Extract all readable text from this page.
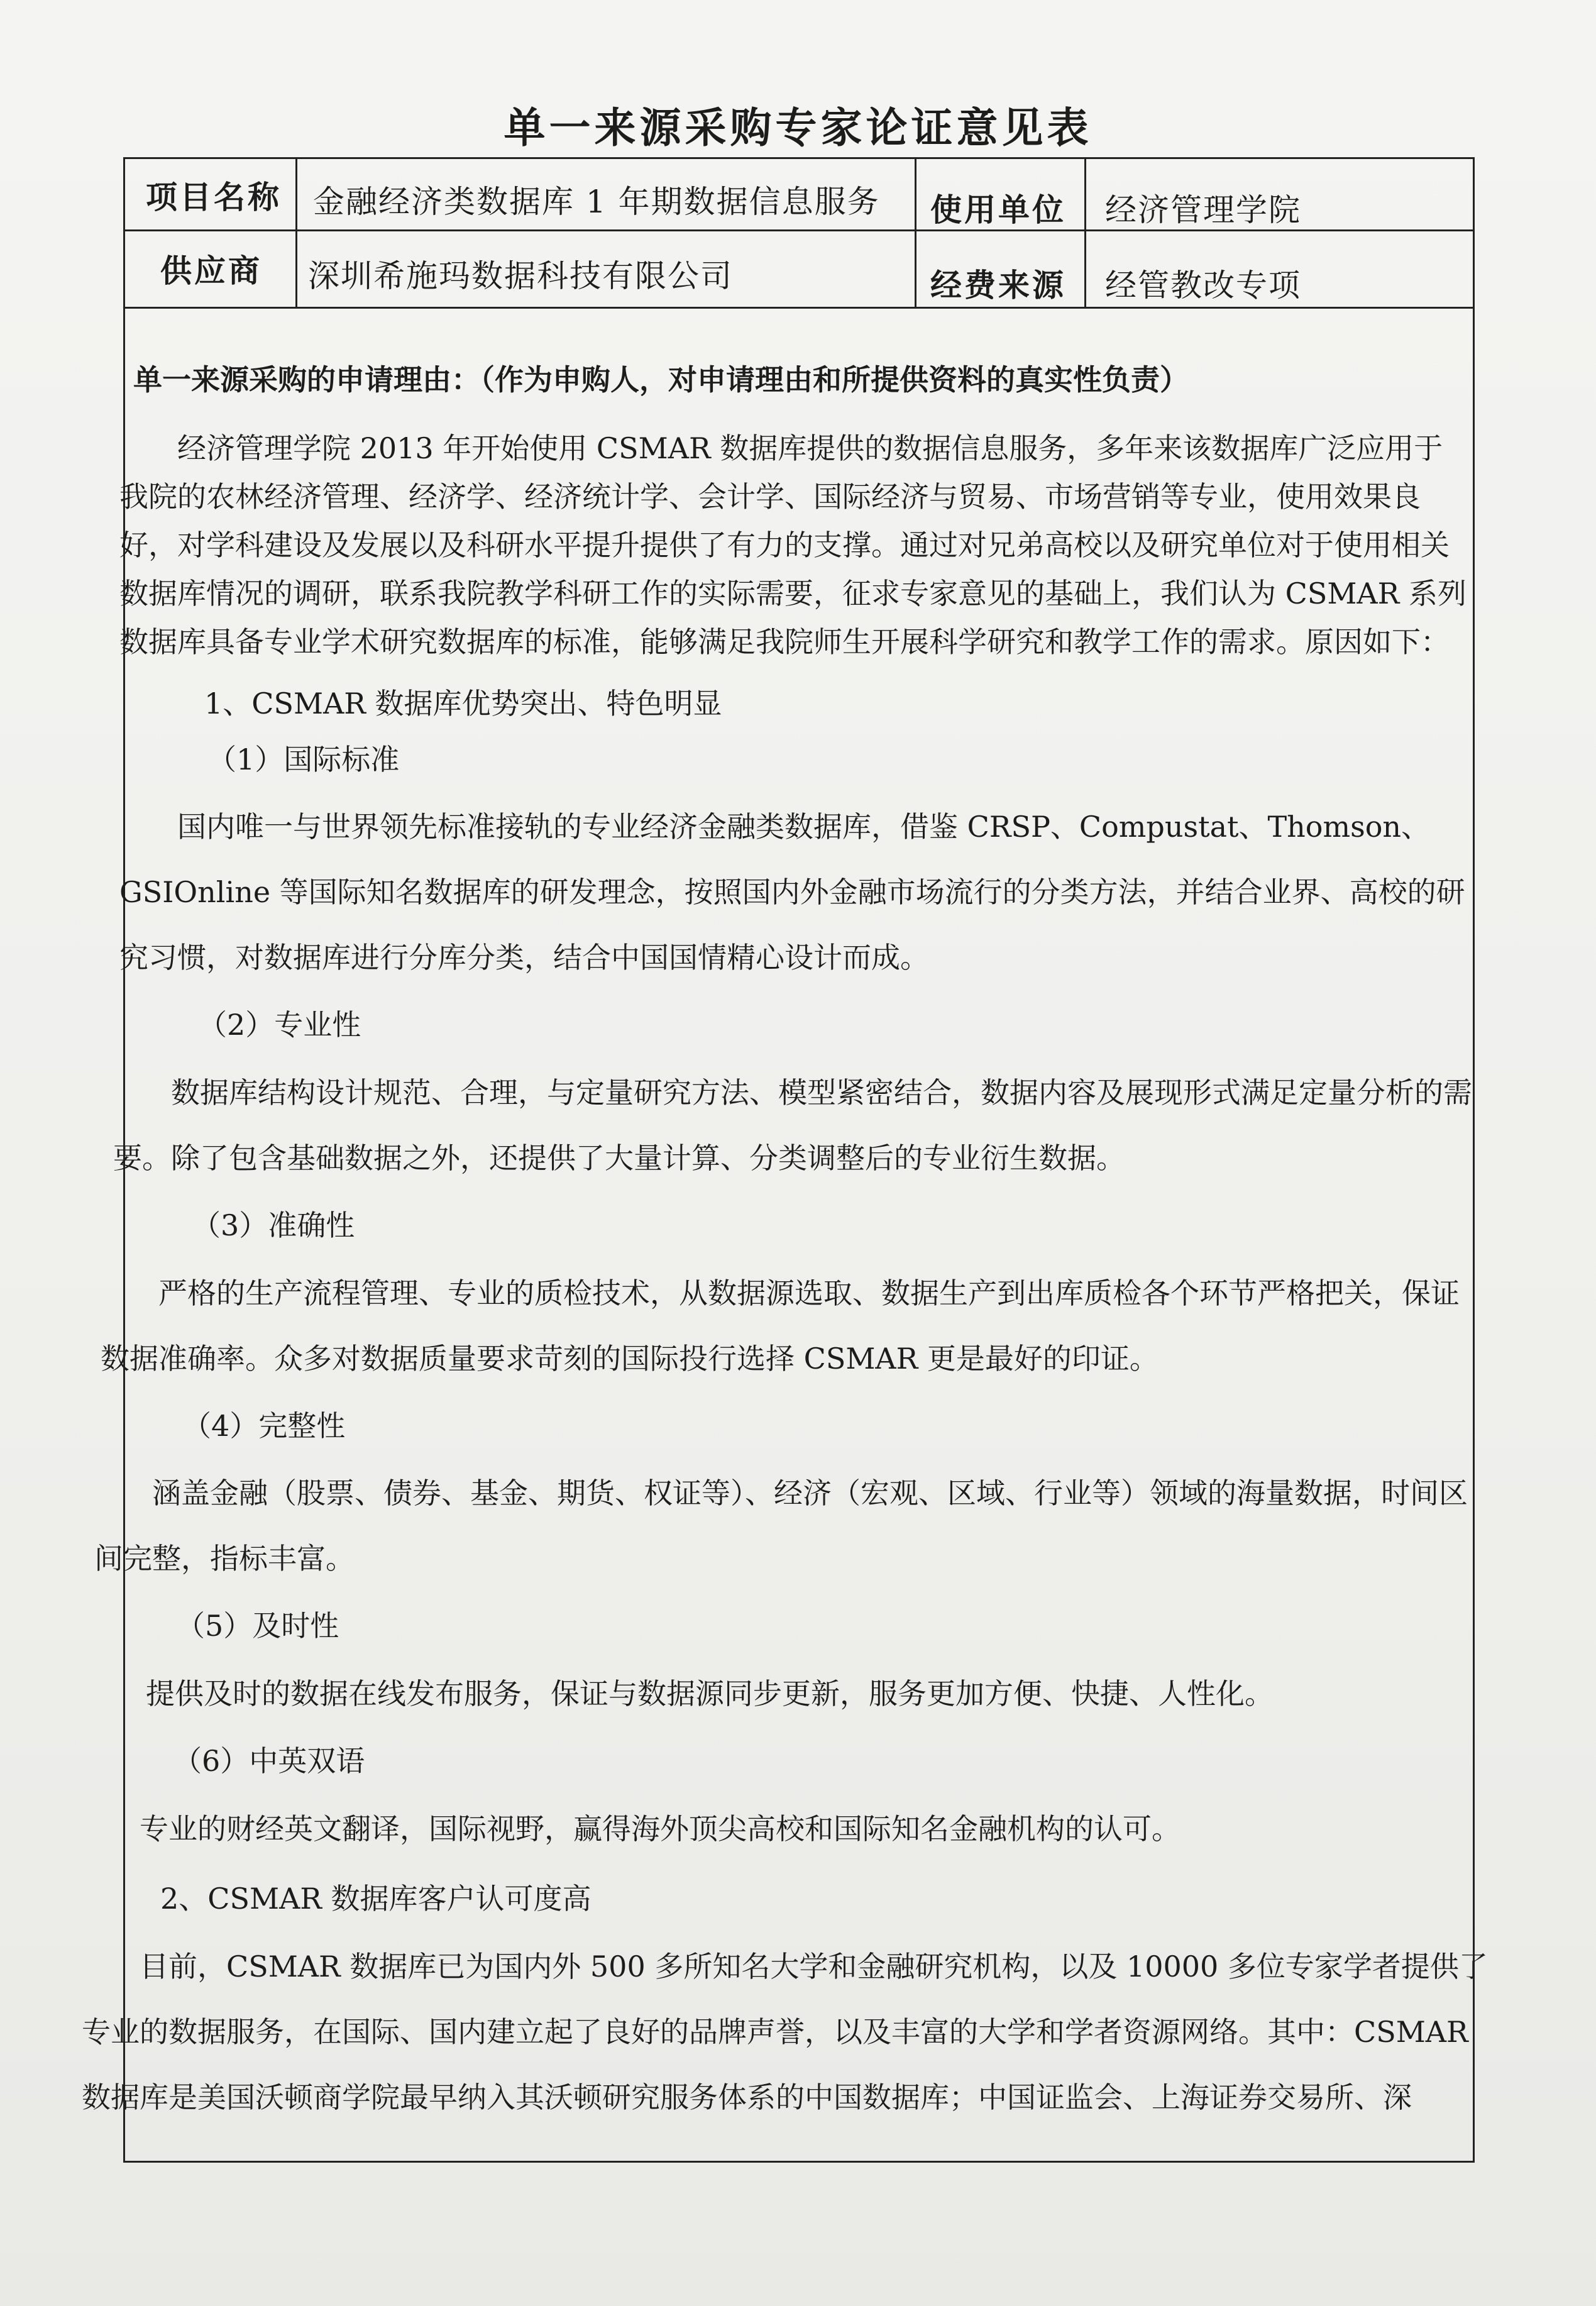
单一来源采购专家论证意见表
项目名称 金融经济类数据库 1 年期数据信息服务 使用单位 经济管理学院
供应商 深圳希施玛数据科技有限公司	经费来源 经管教改专项
单一来源采购的申请理由：（作为申购人，对申请理由和所提供资料的真实性负责）

经济管理学院 2013 年开始使用 CSMAR 数据库提供的数据信息服务，多年来该数据库广泛应用于我院的农林经济管理、经济学、经济统计学、会计学、国际经济与贸易、市场营销等专业，使用效果良好，对学科建设及发展以及科研水平提升提供了有力的支撑。通过对兄弟高校以及研究单位对于使用相关数据库情况的调研，联系我院教学科研工作的实际需要，征求专家意见的基础上，我们认为 CSMAR 系列数据库具备专业学术研究数据库的标准，能够满足我院师生开展科学研究和教学工作的需求。原因如下：

1、CSMAR 数据库优势突出、特色明显

（1）国际标准

国内唯一与世界领先标准接轨的专业经济金融类数据库，借鉴 CRSP、Compustat、Thomson、GSIOnline 等国际知名数据库的研发理念，按照国内外金融市场流行的分类方法，并结合业界、高校的研究习惯，对数据库进行分库分类，结合中国国情精心设计而成。

（2）专业性

数据库结构设计规范、合理，与定量研究方法、模型紧密结合，数据内容及展现形式满足定量分析的需要。除了包含基础数据之外，还提供了大量计算、分类调整后的专业衍生数据。

（3）准确性

严格的生产流程管理、专业的质检技术，从数据源选取、数据生产到出库质检各个环节严格把关，保证数据准确率。众多对数据质量要求苛刻的国际投行选择 CSMAR 更是最好的印证。

（4）完整性

涵盖金融（股票、债券、基金、期货、权证等）、经济（宏观、区域、行业等）领域的海量数据，时间区间完整，指标丰富。

（5）及时性

提供及时的数据在线发布服务，保证与数据源同步更新，服务更加方便、快捷、人性化。

（6）中英双语

专业的财经英文翻译，国际视野，赢得海外顶尖高校和国际知名金融机构的认可。

2、CSMAR 数据库客户认可度高

目前，CSMAR 数据库已为国内外 500 多所知名大学和金融研究机构，以及 10000 多位专家学者提供了专业的数据服务，在国际、国内建立起了良好的品牌声誉，以及丰富的大学和学者资源网络。其中：CSMAR 数据库是美国沃顿商学院最早纳入其沃顿研究服务体系的中国数据库；中国证监会、上海证券交易所、深
